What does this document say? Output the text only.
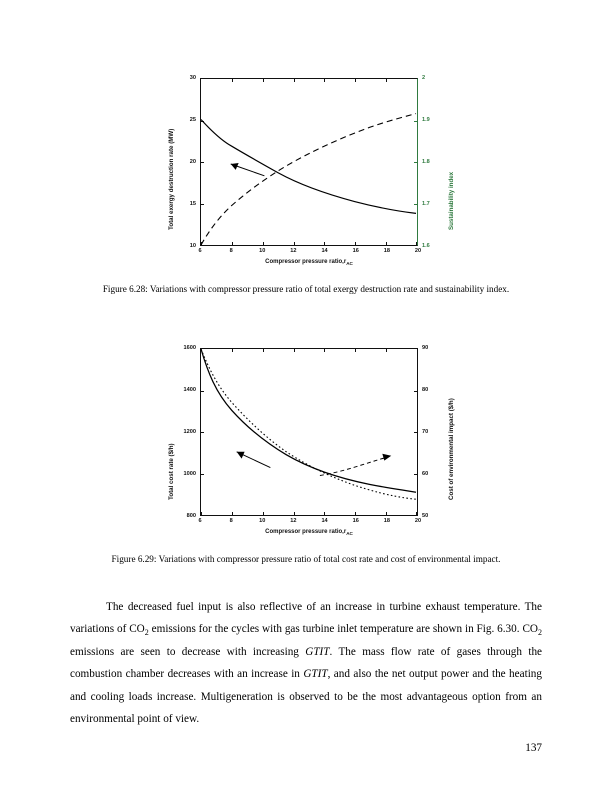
30
25
20
15
10
2
1.9
1.8
1.7
1.6
6	8	10	12	14	16	18	20
Compressor pressure $ratio,r_{AC}$
Total exergy destruction rate (MW)	Sustainability index
Figure 6.28: Variations with compressor pressure ratio of total exergy destruction rate and sustainability index.
1600
1400
1200
1000
800
90
80
70
60
50
6	8	10	12	14	16	18	20
Compressor pressure $ratio,r_{AC}$
Total cost rate ($/h)	Cost of environmental impact ($/h)
Figure 6.29: Variations with compressor pressure ratio of total cost rate and cost of environmental impact.

The decreased fuel input is also reflective of an increase in turbine exhaust temperature. The variations of $CO_2$ emissions for the cycles with gas turbine inlet temperature are shown in Fig. 6.30. $CO_2$ emissions are seen to decrease with increasing GTIT. The mass flow rate of gases through the combustion chamber decreases with an increase in GTIT, and also the net output power and the heating and cooling loads increase. Multigeneration is observed to be the most advantageous option from an environmental point of view.

137
